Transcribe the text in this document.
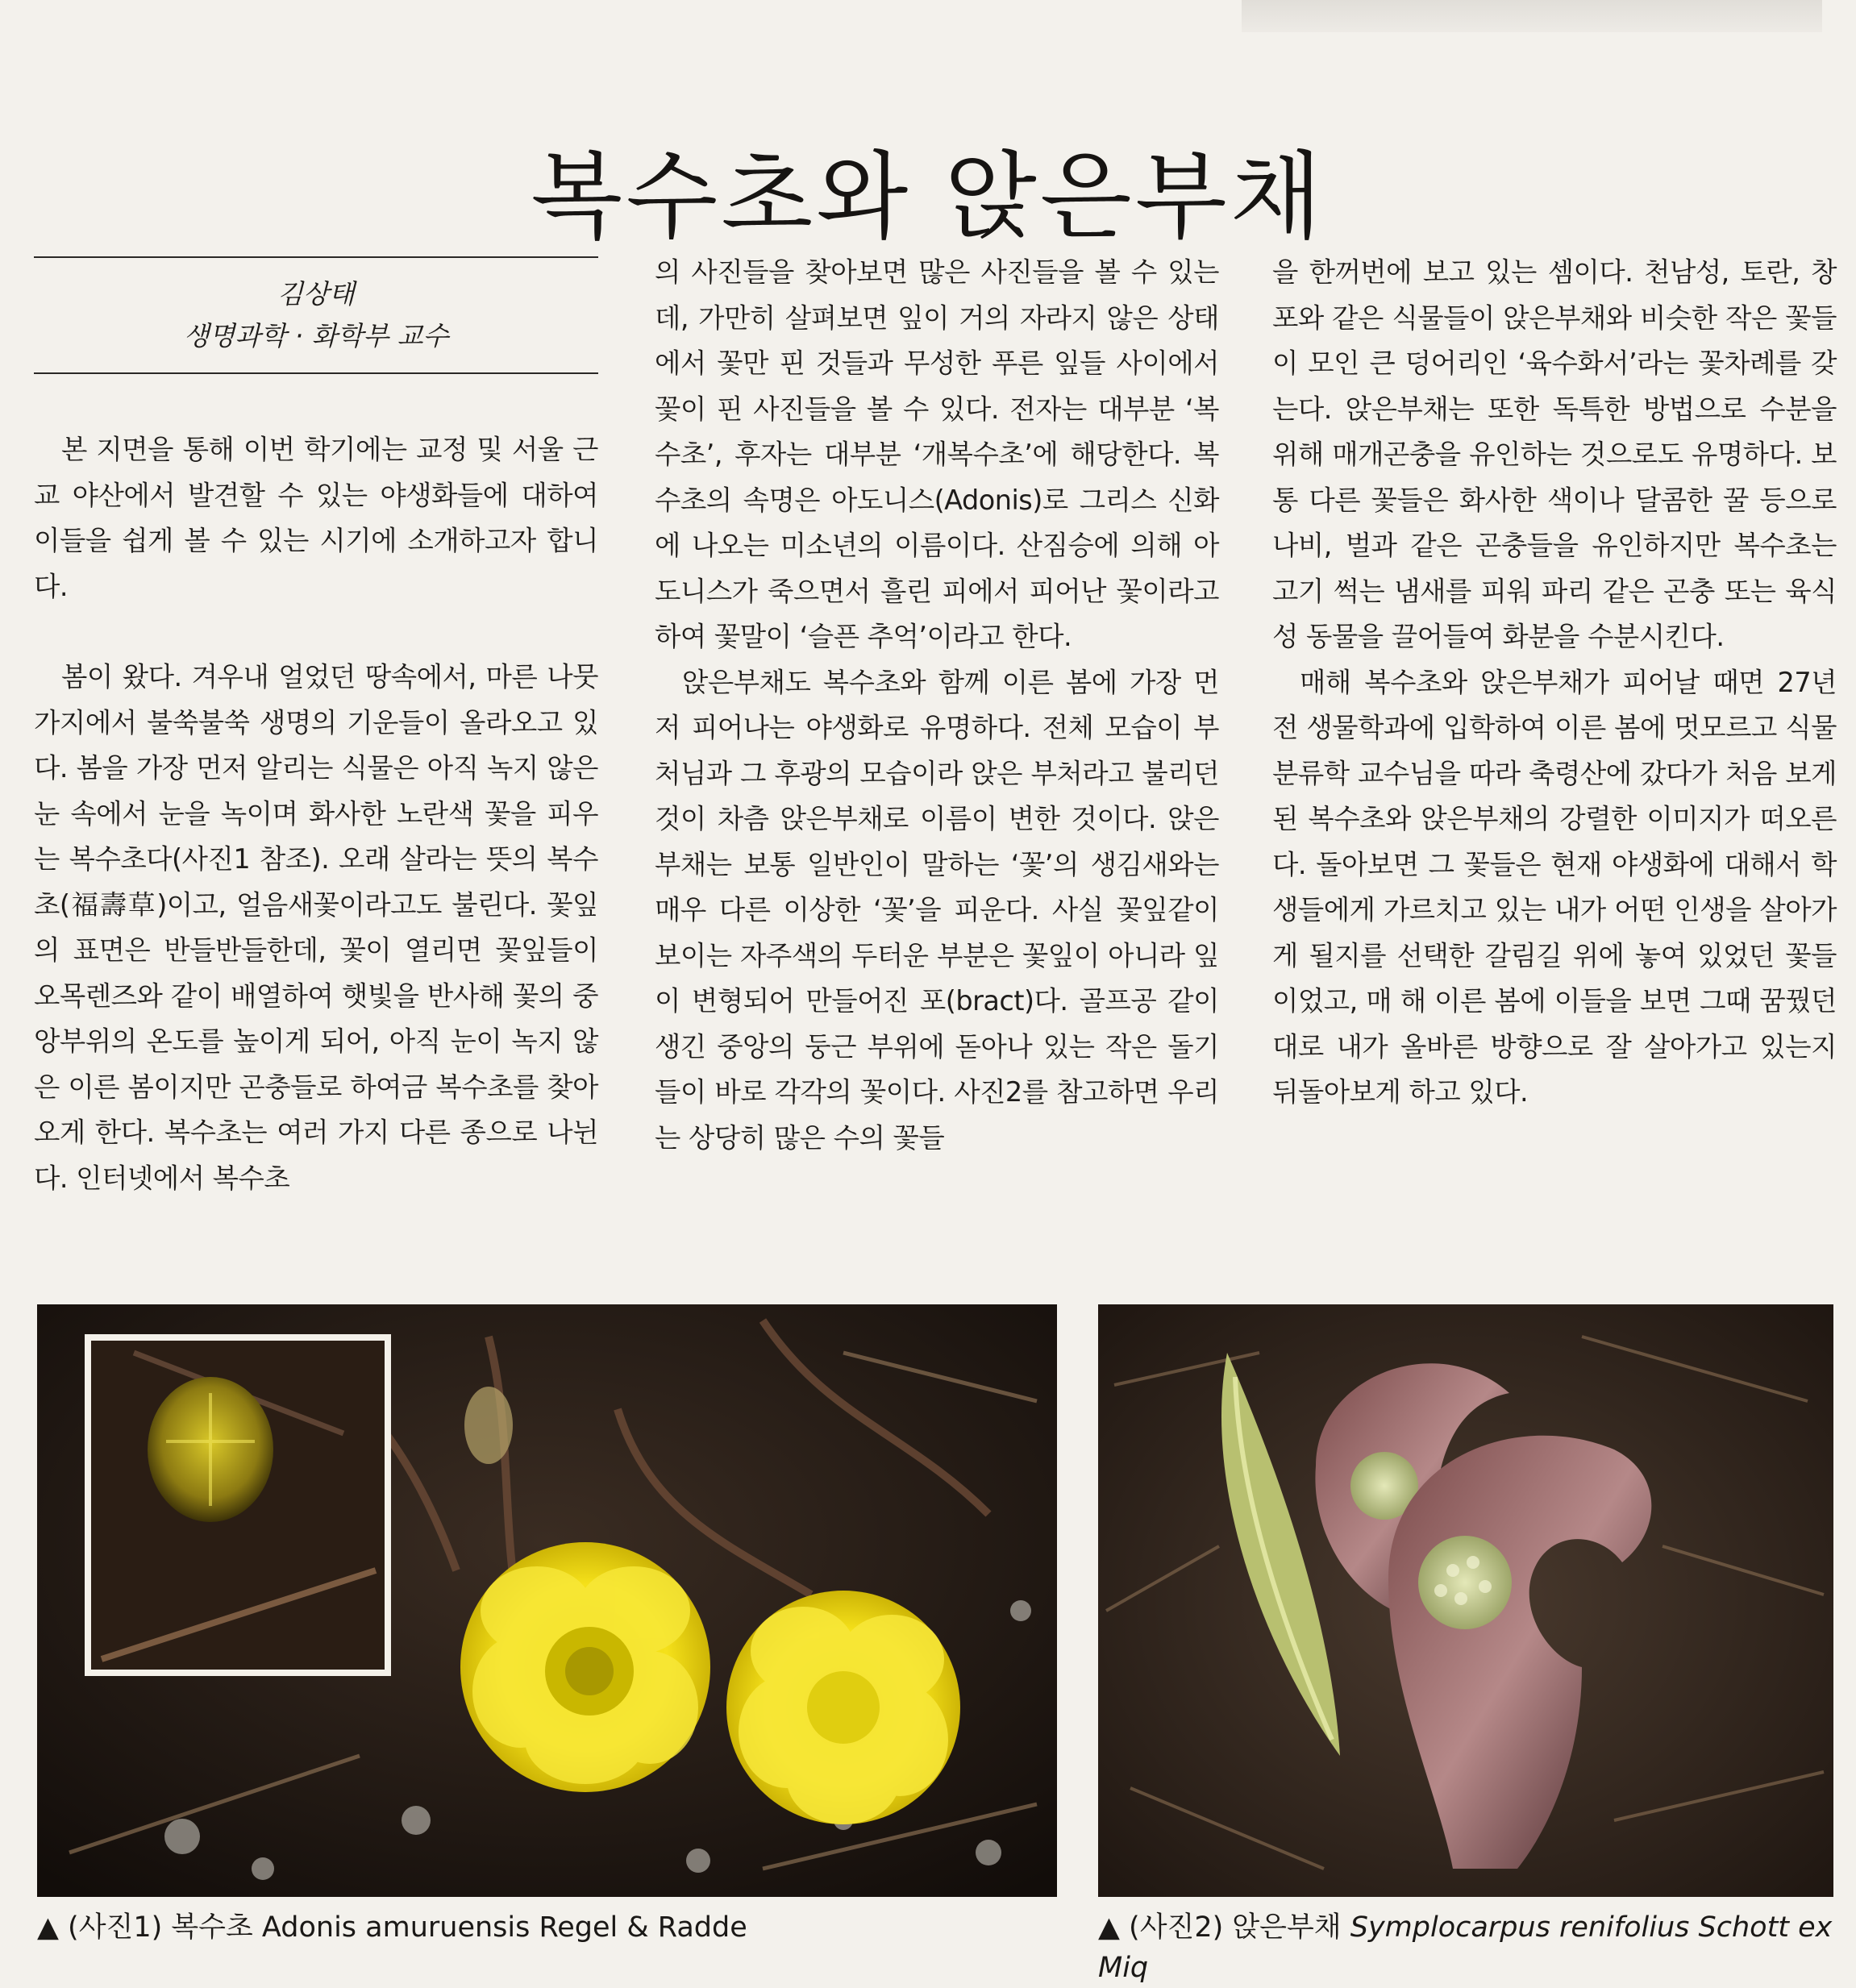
복수초와 앉은부채
김상태
생명과학 · 화학부 교수

본 지면을 통해 이번 학기에는 교정 및 서울 근교 야산에서 발견할 수 있는 야생화들에 대하여 이들을 쉽게 볼 수 있는 시기에 소개하고자 합니다.

봄이 왔다. 겨우내 얼었던 땅속에서, 마른 나뭇가지에서 불쑥불쑥 생명의 기운들이 올라오고 있다. 봄을 가장 먼저 알리는 식물은 아직 녹지 않은 눈 속에서 눈을 녹이며 화사한 노란색 꽃을 피우는 복수초다(사진1 참조). 오래 살라는 뜻의 복수초(福壽草)이고, 얼음새꽃이라고도 불린다. 꽃잎의 표면은 반들반들한데, 꽃이 열리면 꽃잎들이 오목렌즈와 같이 배열하여 햇빛을 반사해 꽃의 중앙부위의 온도를 높이게 되어, 아직 눈이 녹지 않은 이른 봄이지만 곤충들로 하여금 복수초를 찾아오게 한다. 복수초는 여러 가지 다른 종으로 나뉜다. 인터넷에서 복수초

의 사진들을 찾아보면 많은 사진들을 볼 수 있는데, 가만히 살펴보면 잎이 거의 자라지 않은 상태에서 꽃만 핀 것들과 무성한 푸른 잎들 사이에서 꽃이 핀 사진들을 볼 수 있다. 전자는 대부분 ‘복수초’, 후자는 대부분 ‘개복수초’에 해당한다. 복수초의 속명은 아도니스(Adonis)로 그리스 신화에 나오는 미소년의 이름이다. 산짐승에 의해 아도니스가 죽으면서 흘린 피에서 피어난 꽃이라고 하여 꽃말이 ‘슬픈 추억’이라고 한다.

앉은부채도 복수초와 함께 이른 봄에 가장 먼저 피어나는 야생화로 유명하다. 전체 모습이 부처님과 그 후광의 모습이라 앉은 부처라고 불리던 것이 차츰 앉은부채로 이름이 변한 것이다. 앉은부채는 보통 일반인이 말하는 ‘꽃’의 생김새와는 매우 다른 이상한 ‘꽃’을 피운다. 사실 꽃잎같이 보이는 자주색의 두터운 부분은 꽃잎이 아니라 잎이 변형되어 만들어진 포(bract)다. 골프공 같이 생긴 중앙의 둥근 부위에 돋아나 있는 작은 돌기들이 바로 각각의 꽃이다. 사진2를 참고하면 우리는 상당히 많은 수의 꽃들

을 한꺼번에 보고 있는 셈이다. 천남성, 토란, 창포와 같은 식물들이 앉은부채와 비슷한 작은 꽃들이 모인 큰 덩어리인 ‘육수화서’라는 꽃차례를 갖는다. 앉은부채는 또한 독특한 방법으로 수분을 위해 매개곤충을 유인하는 것으로도 유명하다. 보통 다른 꽃들은 화사한 색이나 달콤한 꿀 등으로 나비, 벌과 같은 곤충들을 유인하지만 복수초는 고기 썩는 냄새를 피워 파리 같은 곤충 또는 육식성 동물을 끌어들여 화분을 수분시킨다.

매해 복수초와 앉은부채가 피어날 때면 27년 전 생물학과에 입학하여 이른 봄에 멋모르고 식물분류학 교수님을 따라 축령산에 갔다가 처음 보게 된 복수초와 앉은부채의 강렬한 이미지가 떠오른다. 돌아보면 그 꽃들은 현재 야생화에 대해서 학생들에게 가르치고 있는 내가 어떤 인생을 살아가게 될지를 선택한 갈림길 위에 놓여 있었던 꽃들이었고, 매 해 이른 봄에 이들을 보면 그때 꿈꿨던 대로 내가 올바른 방향으로 잘 살아가고 있는지 뒤돌아보게 하고 있다.

▲ (사진1) 복수초 Adonis amuruensis Regel & Radde	▲ (사진2) 앉은부채 Symplocarpus renifolius Schott ex Miq
